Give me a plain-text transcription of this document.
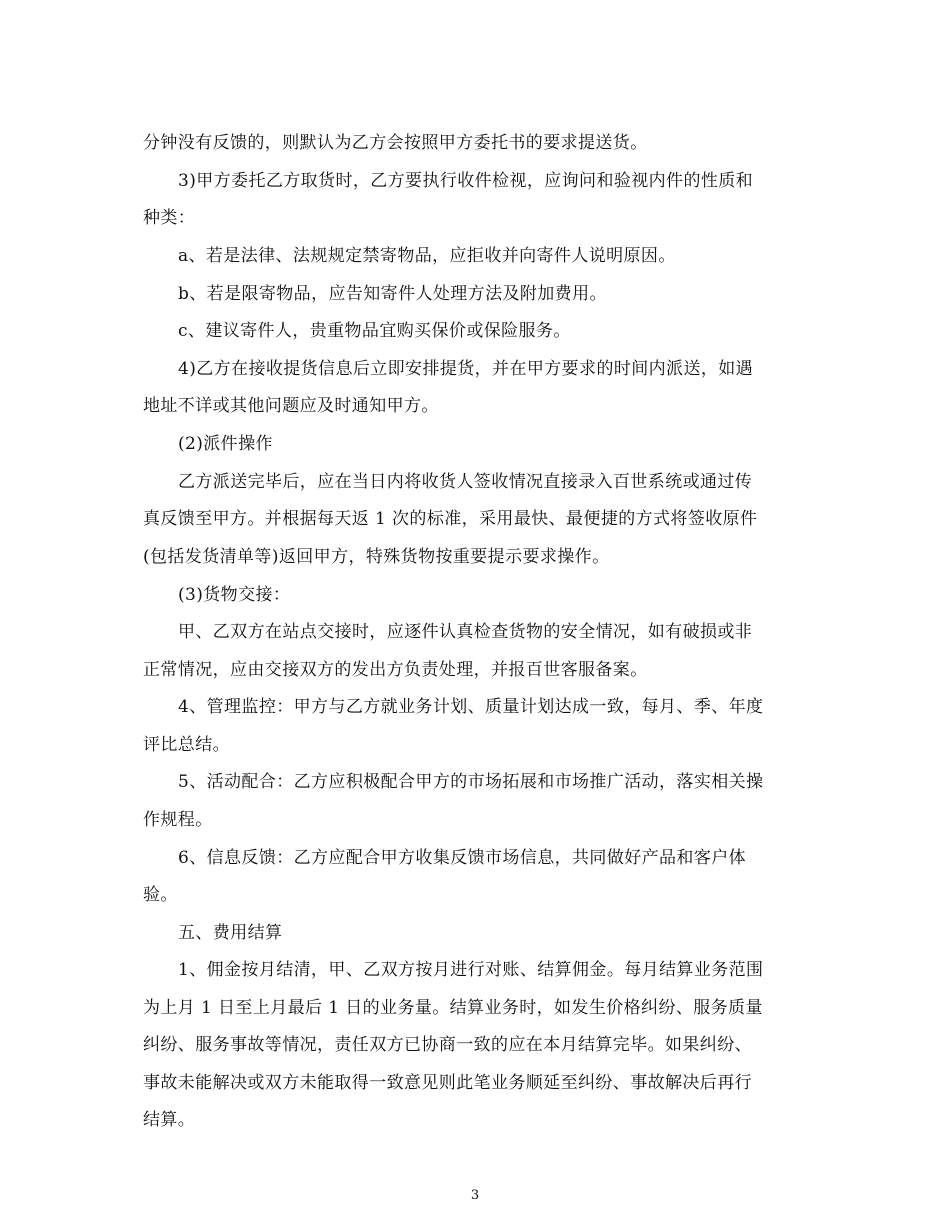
分钟没有反馈的，则默认为乙方会按照甲方委托书的要求提送货。
3)甲方委托乙方取货时，乙方要执行收件检视，应询问和验视内件的性质和
种类：
a、若是法律、法规规定禁寄物品，应拒收并向寄件人说明原因。
b、若是限寄物品，应告知寄件人处理方法及附加费用。
c、建议寄件人，贵重物品宜购买保价或保险服务。
4)乙方在接收提货信息后立即安排提货，并在甲方要求的时间内派送，如遇
地址不详或其他问题应及时通知甲方。
(2)派件操作
乙方派送完毕后，应在当日内将收货人签收情况直接录入百世系统或通过传
真反馈至甲方。并根据每天返 1 次的标准，采用最快、最便捷的方式将签收原件
(包括发货清单等)返回甲方，特殊货物按重要提示要求操作。
(3)货物交接：
甲、乙双方在站点交接时，应逐件认真检查货物的安全情况，如有破损或非
正常情况，应由交接双方的发出方负责处理，并报百世客服备案。
4、管理监控：甲方与乙方就业务计划、质量计划达成一致，每月、季、年度
评比总结。
5、活动配合：乙方应积极配合甲方的市场拓展和市场推广活动，落实相关操
作规程。
6、信息反馈：乙方应配合甲方收集反馈市场信息，共同做好产品和客户体
验。
五、费用结算
1、佣金按月结清，甲、乙双方按月进行对账、结算佣金。每月结算业务范围
为上月 1 日至上月最后 1 日的业务量。结算业务时，如发生价格纠纷、服务质量
纠纷、服务事故等情况，责任双方已协商一致的应在本月结算完毕。如果纠纷、
事故未能解决或双方未能取得一致意见则此笔业务顺延至纠纷、事故解决后再行
结算。
3
